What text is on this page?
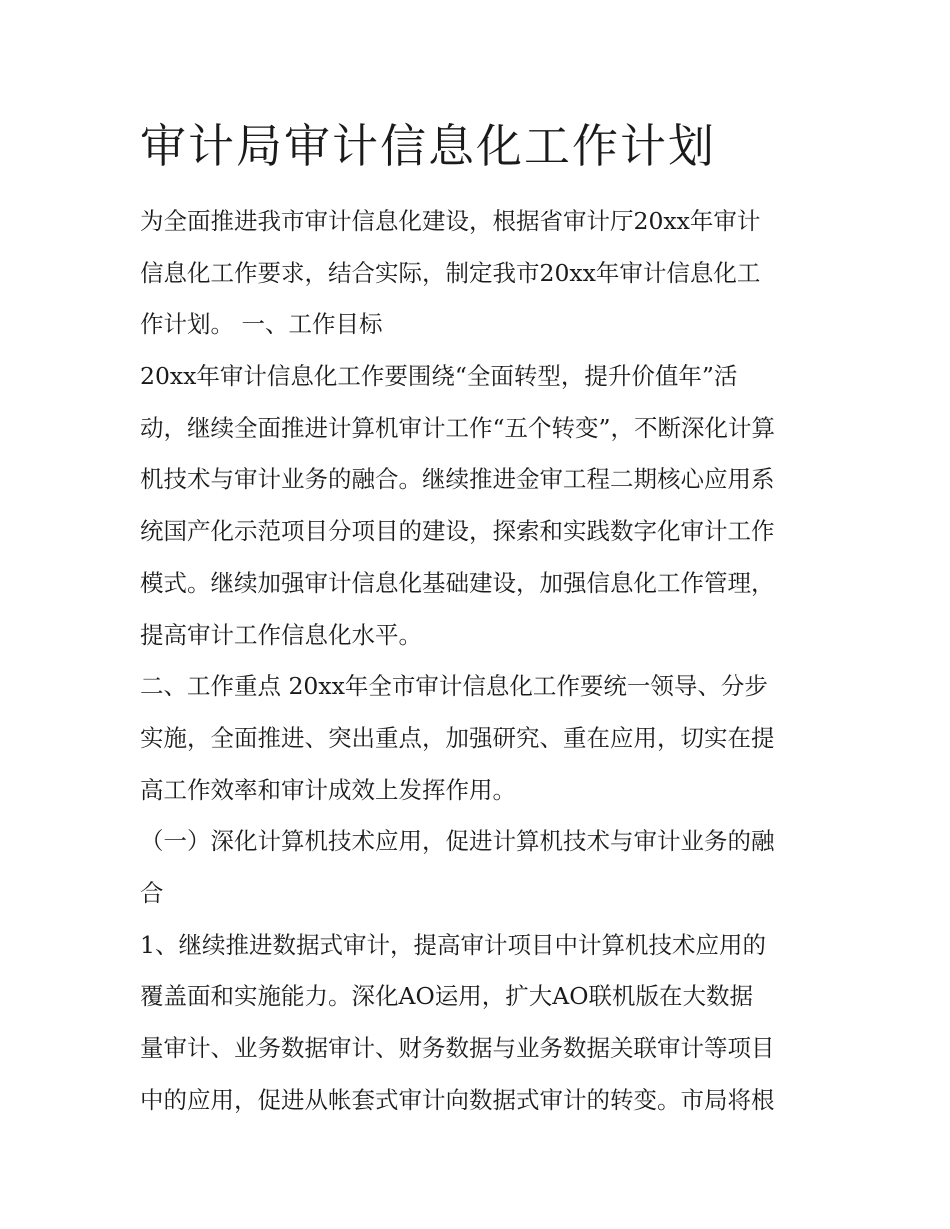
审计局审计信息化工作计划
为全面推进我市审计信息化建设，根据省审计厅20xx年审计
信息化工作要求，结合实际，制定我市20xx年审计信息化工
作计划。 一、工作目标
20xx年审计信息化工作要围绕“全面转型，提升价值年”活
动，继续全面推进计算机审计工作“五个转变”，不断深化计算
机技术与审计业务的融合。继续推进金审工程二期核心应用系
统国产化示范项目分项目的建设，探索和实践数字化审计工作
模式。继续加强审计信息化基础建设，加强信息化工作管理，
提高审计工作信息化水平。
二、工作重点 20xx年全市审计信息化工作要统一领导、分步
实施，全面推进、突出重点，加强研究、重在应用，切实在提
高工作效率和审计成效上发挥作用。
（一）深化计算机技术应用，促进计算机技术与审计业务的融
合
1、继续推进数据式审计，提高审计项目中计算机技术应用的
覆盖面和实施能力。深化AO运用，扩大AO联机版在大数据
量审计、业务数据审计、财务数据与业务数据关联审计等项目
中的应用，促进从帐套式审计向数据式审计的转变。市局将根
